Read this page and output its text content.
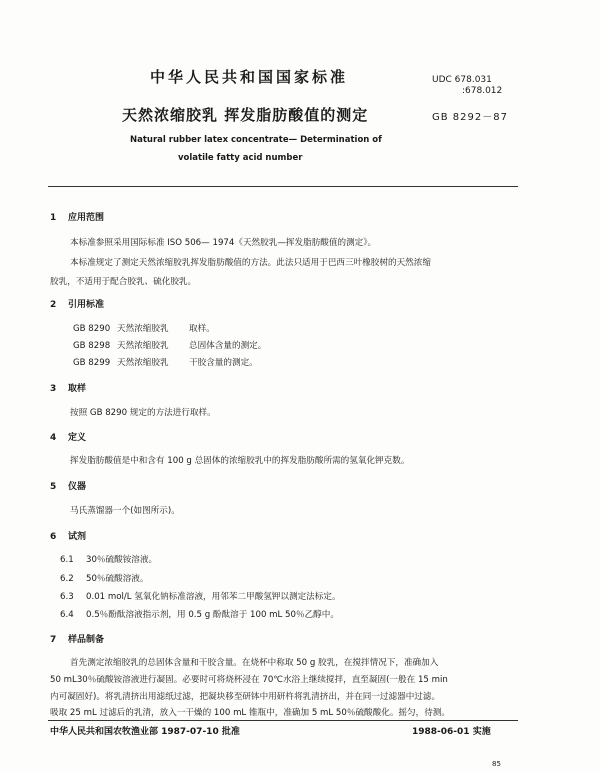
中华人民共和国国家标准	UDC 678.031
:678.012
天然浓缩胶乳 挥发脂肪酸值的测定	GB 8292－87
Natural rubber latex concentrate— Determination of
volatile fatty acid number
1 应用范围
本标准参照采用国际标准 ISO 506— 1974《天然胶乳—挥发脂肪酸值的测定》。
本标准规定了测定天然浓缩胶乳挥发脂肪酸值的方法。此法只适用于巴西三叶橡胶树的天然浓缩
胶乳，不适用于配合胶乳、硫化胶乳。
2 引用标准
GB 8290 天然浓缩胶乳 取样。
GB 8298 天然浓缩胶乳 总固体含量的测定。
GB 8299 天然浓缩胶乳 干胶含量的测定。
3 取样
按照 GB 8290 规定的方法进行取样。
4 定义
挥发脂肪酸值是中和含有 100 g 总固体的浓缩胶乳中的挥发脂肪酸所需的氢氧化钾克数。
5 仪器
马氏蒸馏器一个(如图所示)。
6 试剂
6.1 30％硫酸铵溶液。
6.2 50％硫酸溶液。
6.3 0.01 mol/L 氢氧化钠标准溶液，用邻苯二甲酸氢钾以测定法标定。
6.4 0.5％酚酞溶液指示剂，用 0.5 g 酚酞溶于 100 mL 50％乙醇中。
7 样品制备
首先测定浓缩胶乳的总固体含量和干胶含量。在烧杯中称取 50 g 胶乳，在搅拌情况下，准确加入
50 mL30％硫酸铵溶液进行凝固。必要时可将烧杯浸在 70℃水浴上继续搅拌，直至凝固(一般在 15 min
内可凝固好)。将乳清挤出用滤纸过滤，把凝块移至研钵中用研杵将乳清挤出，并在同一过滤器中过滤。
吸取 25 mL 过滤后的乳清，放入一干燥的 100 mL 锥瓶中，准确加 5 mL 50％硫酸酸化。摇匀，待测。
中华人民共和国农牧渔业部 1987-07-10 批准	1988-06-01 实施
85
